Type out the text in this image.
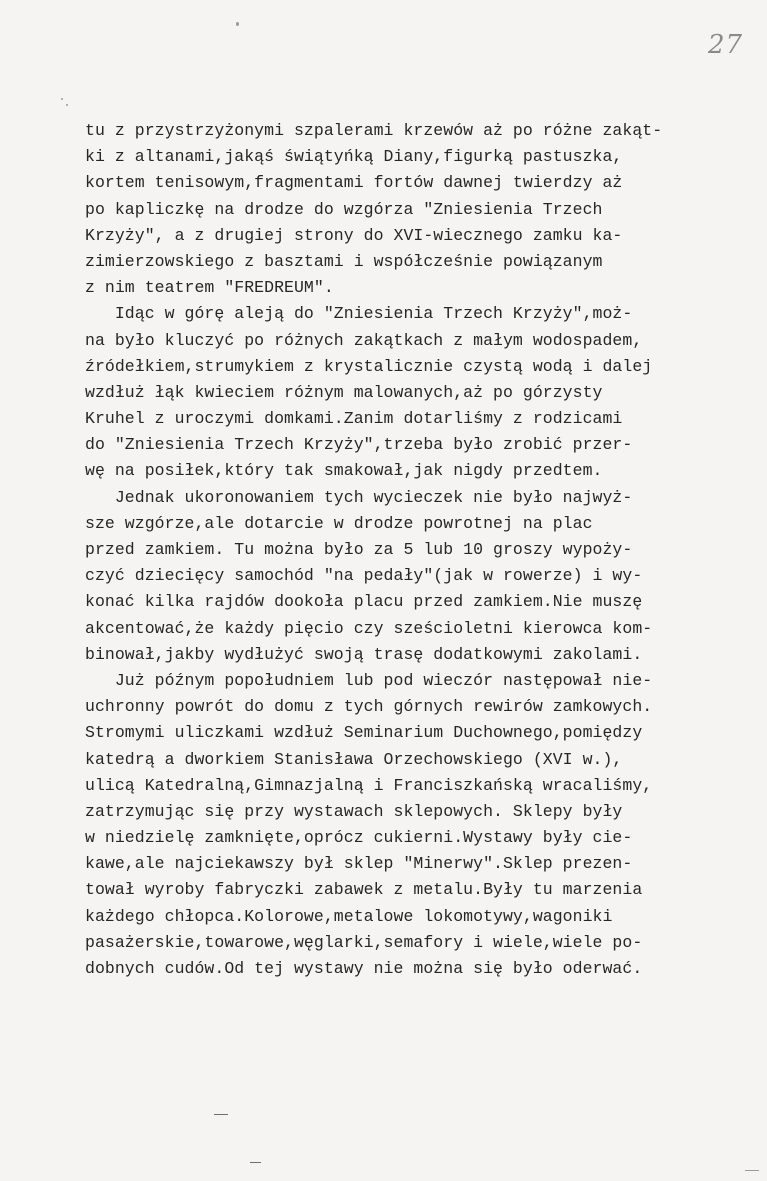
27
tu z przystrzyżonymi szpalerami krzewów aż po różne zakąt-
ki z altanami,jakąś świątyńką Diany,figurką pastuszka,
kortem tenisowym,fragmentami fortów dawnej twierdzy aż
po kapliczkę na drodze do wzgórza "Zniesienia Trzech
Krzyży", a z drugiej strony do XVI-wiecznego zamku ka-
zimierzowskiego z basztami i współcześnie powiązanym
z nim teatrem "FREDREUM".
Idąc w górę aleją do "Zniesienia Trzech Krzyży",moż-
na było kluczyć po różnych zakątkach z małym wodospadem,
źródełkiem,strumykiem z krystalicznie czystą wodą i dalej
wzdłuż łąk kwieciem różnym malowanych,aż po górzysty
Kruhel z uroczymi domkami.Zanim dotarliśmy z rodzicami
do "Zniesienia Trzech Krzyży",trzeba było zrobić przer-
wę na posiłek,który tak smakował,jak nigdy przedtem.
Jednak ukoronowaniem tych wycieczek nie było najwyż-
sze wzgórze,ale dotarcie w drodze powrotnej na plac
przed zamkiem. Tu można było za 5 lub 10 groszy wypoży-
czyć dziecięcy samochód "na pedały"(jak w rowerze) i wy-
konać kilka rajdów dookoła placu przed zamkiem.Nie muszę
akcentować,że każdy pięcio czy sześcioletni kierowca kom-
binował,jakby wydłużyć swoją trasę dodatkowymi zakolami.
Już późnym popołudniem lub pod wieczór następował nie-
uchronny powrót do domu z tych górnych rewirów zamkowych.
Stromymi uliczkami wzdłuż Seminarium Duchownego,pomiędzy
katedrą a dworkiem Stanisława Orzechowskiego (XVI w.),
ulicą Katedralną,Gimnazjalną i Franciszkańską wracaliśmy,
zatrzymując się przy wystawach sklepowych. Sklepy były
w niedzielę zamknięte,oprócz cukierni.Wystawy były cie-
kawe,ale najciekawszy był sklep "Minerwy".Sklep prezen-
tował wyroby fabryczki zabawek z metalu.Były tu marzenia
każdego chłopca.Kolorowe,metalowe lokomotywy,wagoniki
pasażerskie,towarowe,węglarki,semafory i wiele,wiele po-
dobnych cudów.Od tej wystawy nie można się było oderwać.
